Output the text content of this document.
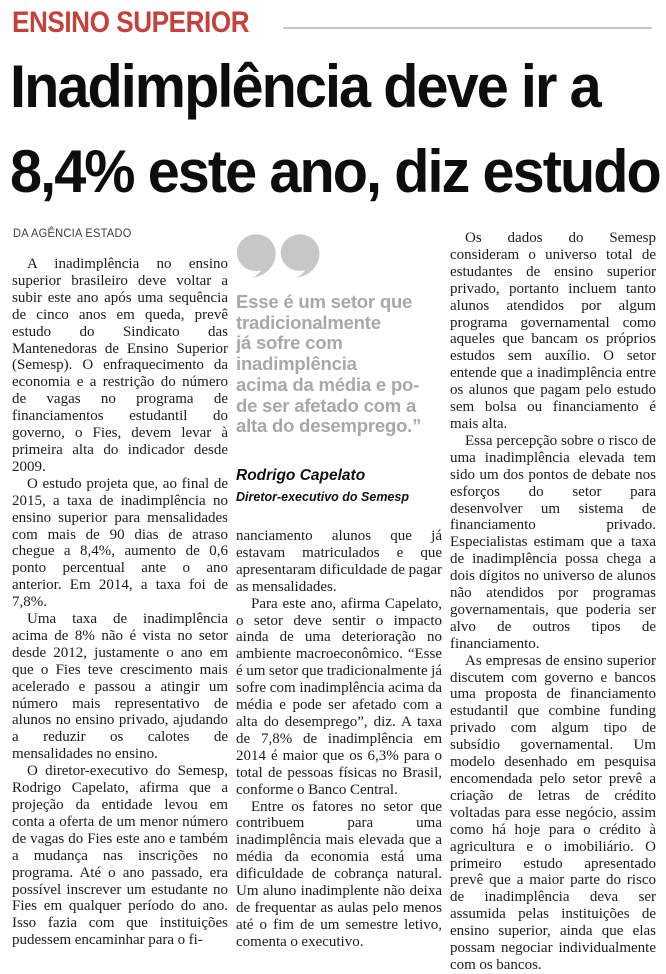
ENSINO SUPERIOR
Inadimplência deve ir a
8,4% este ano, diz estudo
DA AGÊNCIA ESTADO

A inadimplência no ensino superior brasileiro deve voltar a subir este ano após uma sequência de cinco anos em queda, prevê estudo do Sindicato das Mantenedoras de Ensino Superior (Semesp). O enfraquecimento da economia e a restrição do número de vagas no programa de financiamentos estudantil do governo, o Fies, devem levar à primeira alta do indicador desde 2009.

O estudo projeta que, ao final de 2015, a taxa de inadimplência no ensino superior para mensalidades com mais de 90 dias de atraso chegue a 8,4%, aumento de 0,6 ponto percentual ante o ano anterior. Em 2014, a taxa foi de 7,8%.

Uma taxa de inadimplência acima de 8% não é vista no setor desde 2012, justamente o ano em que o Fies teve crescimento mais acelerado e passou a atingir um número mais representativo de alunos no ensino privado, ajudando a reduzir os calotes de mensalidades no ensino.

O diretor-executivo do Semesp, Rodrigo Capelato, afirma que a projeção da entidade levou em conta a oferta de um menor número de vagas do Fies este ano e também a mudança nas inscrições no programa. Até o ano passado, era possível inscrever um estudante no Fies em qualquer período do ano. Isso fazia com que instituições pudessem encaminhar para o fi-

Esse é um setor que
tradicionalmente
já sofre com
inadimplência
acima da média e po-
de ser afetado com a
alta do desemprego.”
Rodrigo Capelato
Diretor-executivo do Semesp

nanciamento alunos que já estavam matriculados e que apresentaram dificuldade de pagar as mensalidades.

Para este ano, afirma Capelato, o setor deve sentir o impacto ainda de uma deterioração no ambiente macroeconômico. “Esse é um setor que tradicionalmente já sofre com inadimplência acima da média e pode ser afetado com a alta do desemprego”, diz. A taxa de 7,8% de inadimplência em 2014 é maior que os 6,3% para o total de pessoas físicas no Brasil, conforme o Banco Central.

Entre os fatores no setor que contribuem para uma inadimplência mais elevada que a média da economia está uma dificuldade de cobrança natural. Um aluno inadimplente não deixa de frequentar as aulas pelo menos até o fim de um semestre letivo, comenta o executivo.

Os dados do Semesp consideram o universo total de estudantes de ensino superior privado, portanto incluem tanto alunos atendidos por algum programa governamental como aqueles que bancam os próprios estudos sem auxílio. O setor entende que a inadimplência entre os alunos que pagam pelo estudo sem bolsa ou financiamento é mais alta.

Essa percepção sobre o risco de uma inadimplência elevada tem sido um dos pontos de debate nos esforços do setor para desenvolver um sistema de financiamento privado. Especialistas estimam que a taxa de inadimplência possa chega a dois dígitos no universo de alunos não atendidos por programas governamentais, que poderia ser alvo de outros tipos de financiamento.

As empresas de ensino superior discutem com governo e bancos uma proposta de financiamento estudantil que combine funding privado com algum tipo de subsídio governamental. Um modelo desenhado em pesquisa encomendada pelo setor prevê a criação de letras de crédito voltadas para esse negócio, assim como há hoje para o crédito à agricultura e o imobiliário. O primeiro estudo apresentado prevê que a maior parte do risco de inadimplência deva ser assumida pelas instituições de ensino superior, ainda que elas possam negociar individualmente com os bancos.
